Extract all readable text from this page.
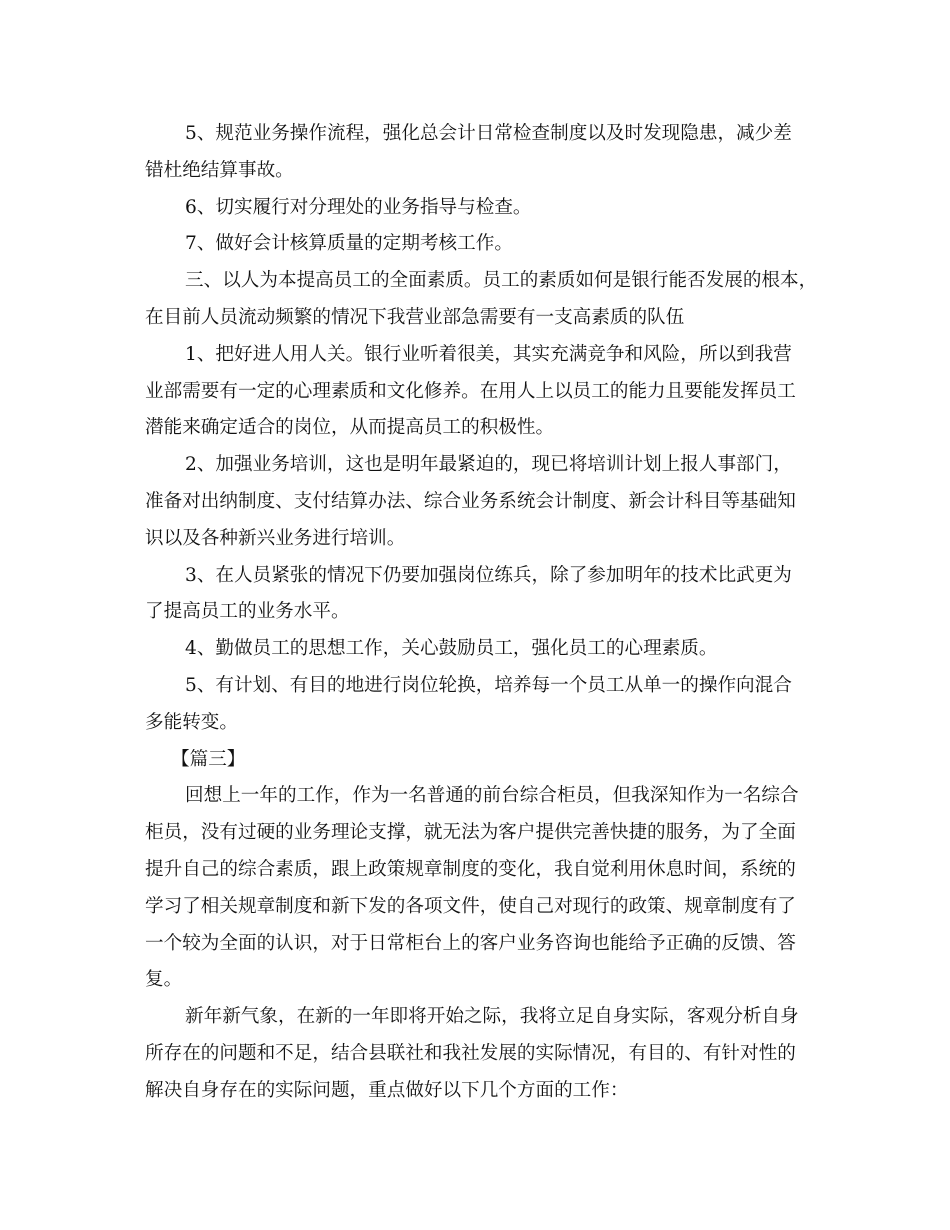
5、规范业务操作流程，强化总会计日常检查制度以及时发现隐患，减少差
错杜绝结算事故。
6、切实履行对分理处的业务指导与检查。
7、做好会计核算质量的定期考核工作。
三、以人为本提高员工的全面素质。员工的素质如何是银行能否发展的根本，
在目前人员流动频繁的情况下我营业部急需要有一支高素质的队伍
1、把好进人用人关。银行业听着很美，其实充满竞争和风险，所以到我营
业部需要有一定的心理素质和文化修养。在用人上以员工的能力且要能发挥员工
潜能来确定适合的岗位，从而提高员工的积极性。
2、加强业务培训，这也是明年最紧迫的，现已将培训计划上报人事部门，
准备对出纳制度、支付结算办法、综合业务系统会计制度、新会计科目等基础知
识以及各种新兴业务进行培训。
3、在人员紧张的情况下仍要加强岗位练兵，除了参加明年的技术比武更为
了提高员工的业务水平。
4、勤做员工的思想工作，关心鼓励员工，强化员工的心理素质。
5、有计划、有目的地进行岗位轮换，培养每一个员工从单一的操作向混合
多能转变。
【篇三】
回想上一年的工作，作为一名普通的前台综合柜员，但我深知作为一名综合
柜员，没有过硬的业务理论支撑，就无法为客户提供完善快捷的服务，为了全面
提升自己的综合素质，跟上政策规章制度的变化，我自觉利用休息时间，系统的
学习了相关规章制度和新下发的各项文件，使自己对现行的政策、规章制度有了
一个较为全面的认识，对于日常柜台上的客户业务咨询也能给予正确的反馈、答
复。
新年新气象，在新的一年即将开始之际，我将立足自身实际，客观分析自身
所存在的问题和不足，结合县联社和我社发展的实际情况，有目的、有针对性的
解决自身存在的实际问题，重点做好以下几个方面的工作：
